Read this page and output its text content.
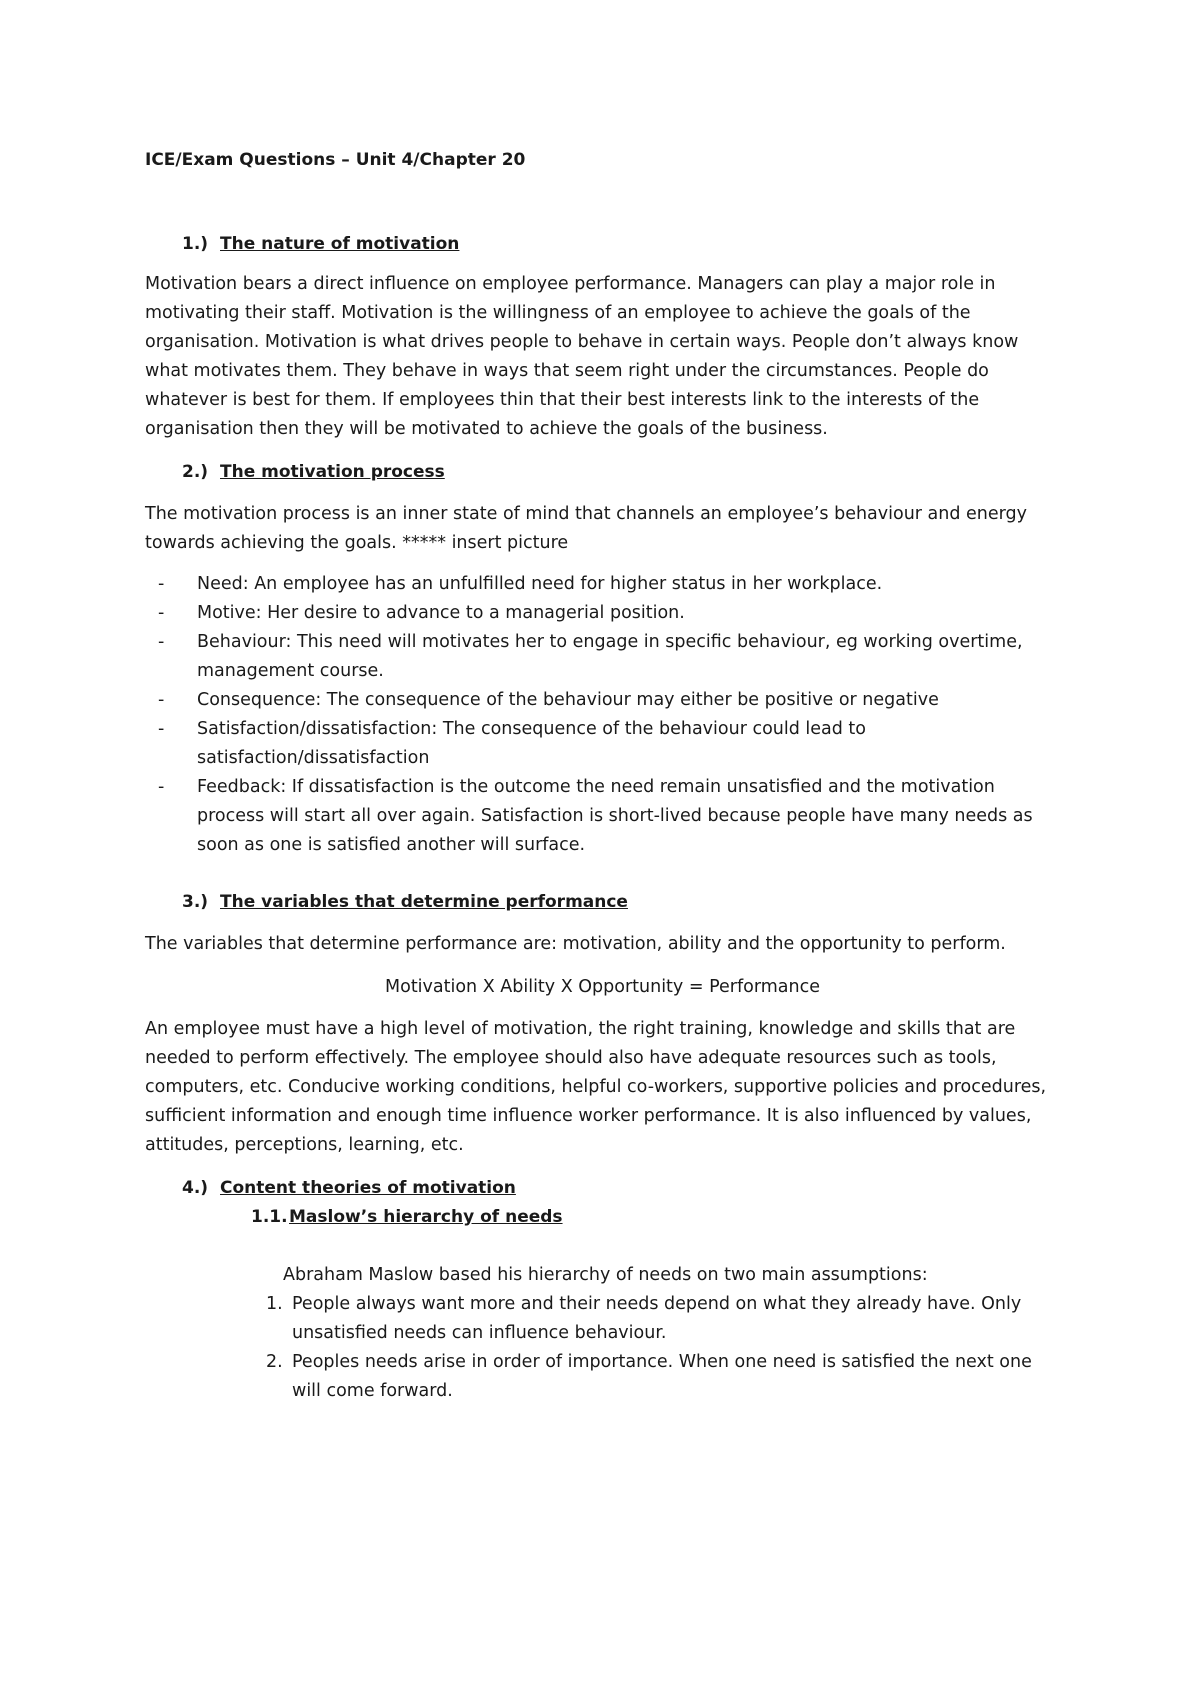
ICE/Exam Questions – Unit 4/Chapter 20

1.) The nature of motivation

Motivation bears a direct influence on employee performance. Managers can play a major role in motivating their staff. Motivation is the willingness of an employee to achieve the goals of the organisation. Motivation is what drives people to behave in certain ways. People don’t always know what motivates them. They behave in ways that seem right under the circumstances. People do whatever is best for them. If employees thin that their best interests link to the interests of the organisation then they will be motivated to achieve the goals of the business.

2.) The motivation process

The motivation process is an inner state of mind that channels an employee’s behaviour and energy towards achieving the goals. ***** insert picture

- Need: An employee has an unfulfilled need for higher status in her workplace.
- Motive: Her desire to advance to a managerial position.
- Behaviour: This need will motivates her to engage in specific behaviour, eg working overtime, management course.
- Consequence: The consequence of the behaviour may either be positive or negative
- Satisfaction/dissatisfaction: The consequence of the behaviour could lead to satisfaction/dissatisfaction
- Feedback: If dissatisfaction is the outcome the need remain unsatisfied and the motivation process will start all over again. Satisfaction is short-lived because people have many needs as soon as one is satisfied another will surface.
3.) The variables that determine performance

The variables that determine performance are: motivation, ability and the opportunity to perform.

Motivation X Ability X Opportunity = Performance

An employee must have a high level of motivation, the right training, knowledge and skills that are needed to perform effectively. The employee should also have adequate resources such as tools, computers, etc. Conducive working conditions, helpful co-workers, supportive policies and procedures, sufficient information and enough time influence worker performance. It is also influenced by values, attitudes, perceptions, learning, etc.

4.) Content theories of motivation
1.1.Maslow’s hierarchy of needs

Abraham Maslow based his hierarchy of needs on two main assumptions:

1. People always want more and their needs depend on what they already have. Only unsatisfied needs can influence behaviour.
2. Peoples needs arise in order of importance. When one need is satisfied the next one will come forward.
